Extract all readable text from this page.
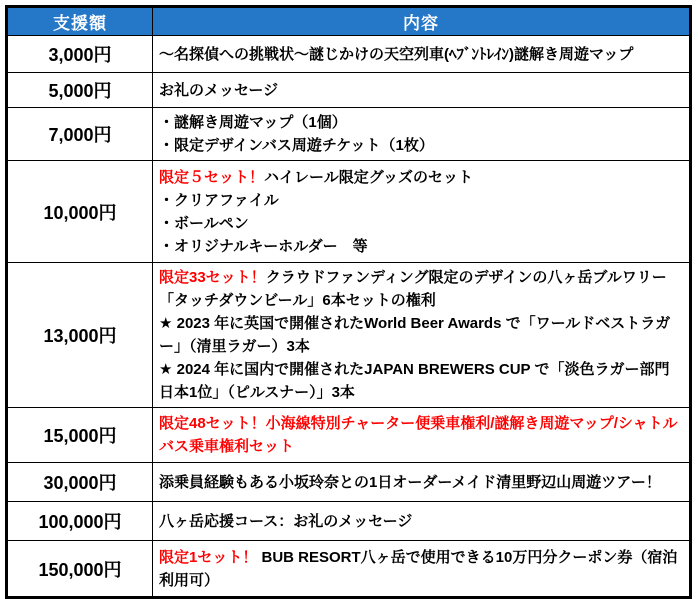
支援額	内容
3,000円	～名探偵への挑戦状～謎じかけの天空列車(ﾍﾌﾞﾝﾄﾚｲﾝ)謎解き周遊マップ

5,000円	お礼のメッセージ

7,000円	・謎解き周遊マップ（1個）

・限定デザインバス周遊チケット（1枚）

10,000円	限定５セット！ハイレール限定グッズのセット

・クリアファイル

・ボールペン

・オリジナルキーホルダー　等

13,000円	限定33セット！クラウドファンディング限定のデザインの八ヶ岳ブルワリー「タッチダウンビール」6本セットの権利

★ 2023 年に英国で開催されたWorld Beer Awards で「ワールドベストラガー」（清里ラガー）3本

★ 2024 年に国内で開催されたJAPAN BREWERS CUP で「淡色ラガー部門日本1位」（ピルスナー）」3本

15,000円	限定48セット！小海線特別チャーター便乗車権利/謎解き周遊マップ/シャトルバス乗車権利セット

30,000円	添乗員経験もある小坂玲奈との1日オーダーメイド清里野辺山周遊ツアー！

100,000円	八ヶ岳応援コース：お礼のメッセージ

150,000円	限定1セット！ BUB RESORT八ヶ岳で使用できる10万円分クーポン券（宿泊利用可）
